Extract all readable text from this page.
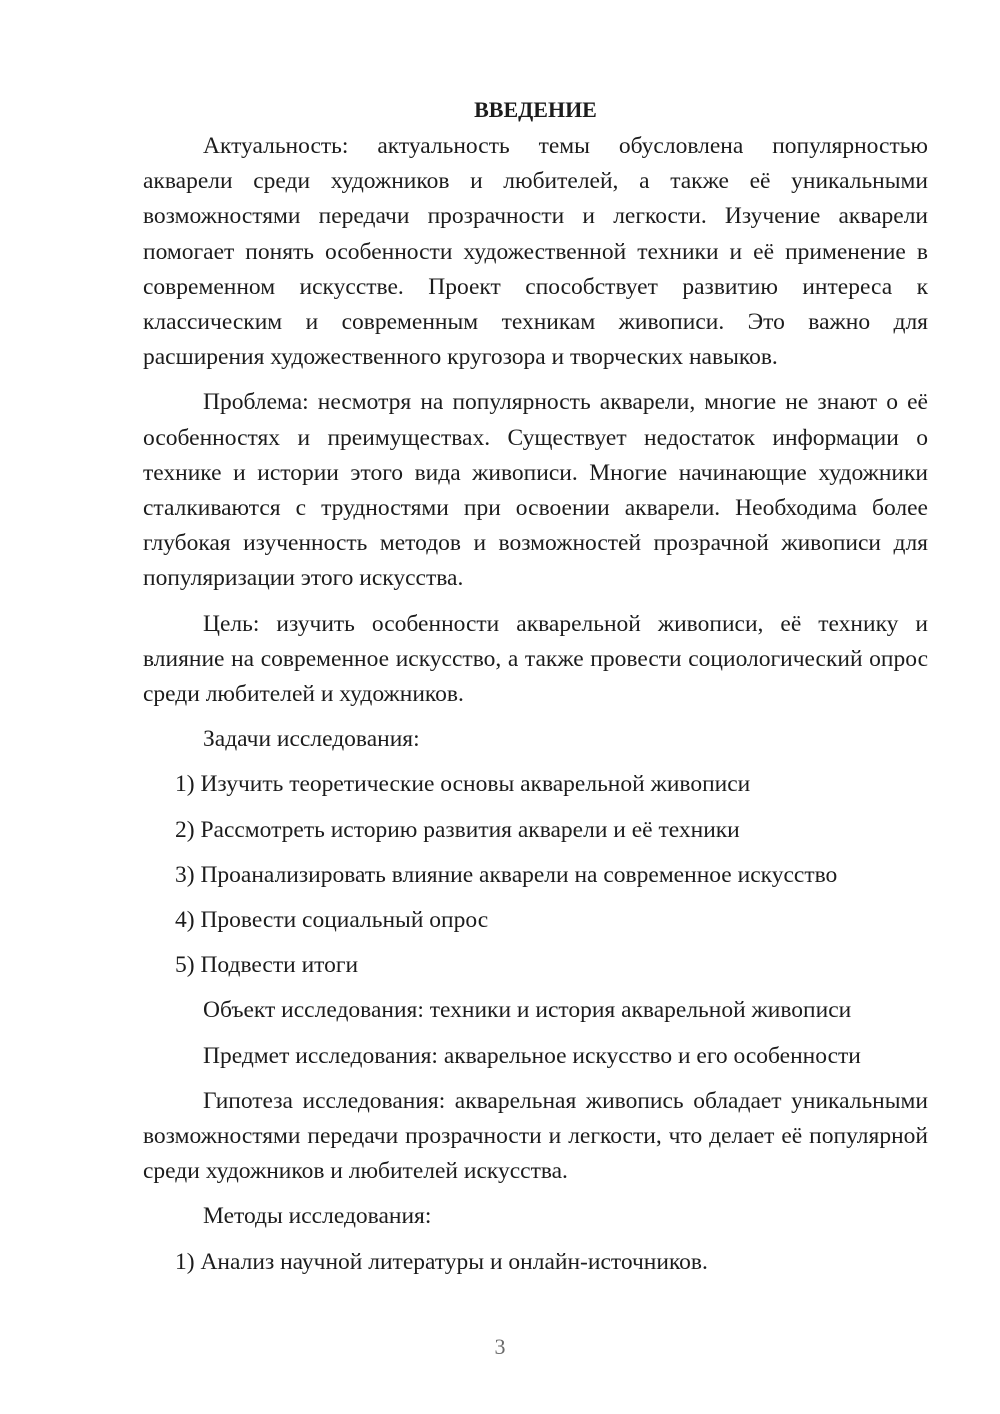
ВВЕДЕНИЕ

Актуальность: актуальность темы обусловлена популярностью акварели среди художников и любителей, а также её уникальными возможностями передачи прозрачности и легкости. Изучение акварели помогает понять особенности художественной техники и её применение в современном искусстве. Проект способствует развитию интереса к классическим и современным техникам живописи. Это важно для расширения художественного кругозора и творческих навыков.

Проблема: несмотря на популярность акварели, многие не знают о её особенностях и преимуществах. Существует недостаток информации о технике и истории этого вида живописи. Многие начинающие художники сталкиваются с трудностями при освоении акварели. Необходима более глубокая изученность методов и возможностей прозрачной живописи для популяризации этого искусства.

Цель: изучить особенности акварельной живописи, её технику и влияние на современное искусство, а также провести социологический опрос среди любителей и художников.

Задачи исследования:

1) Изучить теоретические основы акварельной живописи

2) Рассмотреть историю развития акварели и её техники

3) Проанализировать влияние акварели на современное искусство

4) Провести социальный опрос

5) Подвести итоги

Объект исследования: техники и история акварельной живописи

Предмет исследования: акварельное искусство и его особенности

Гипотеза исследования: акварельная живопись обладает уникальными возможностями передачи прозрачности и легкости, что делает её популярной среди художников и любителей искусства.

Методы исследования:

1) Анализ научной литературы и онлайн-источников.

3
